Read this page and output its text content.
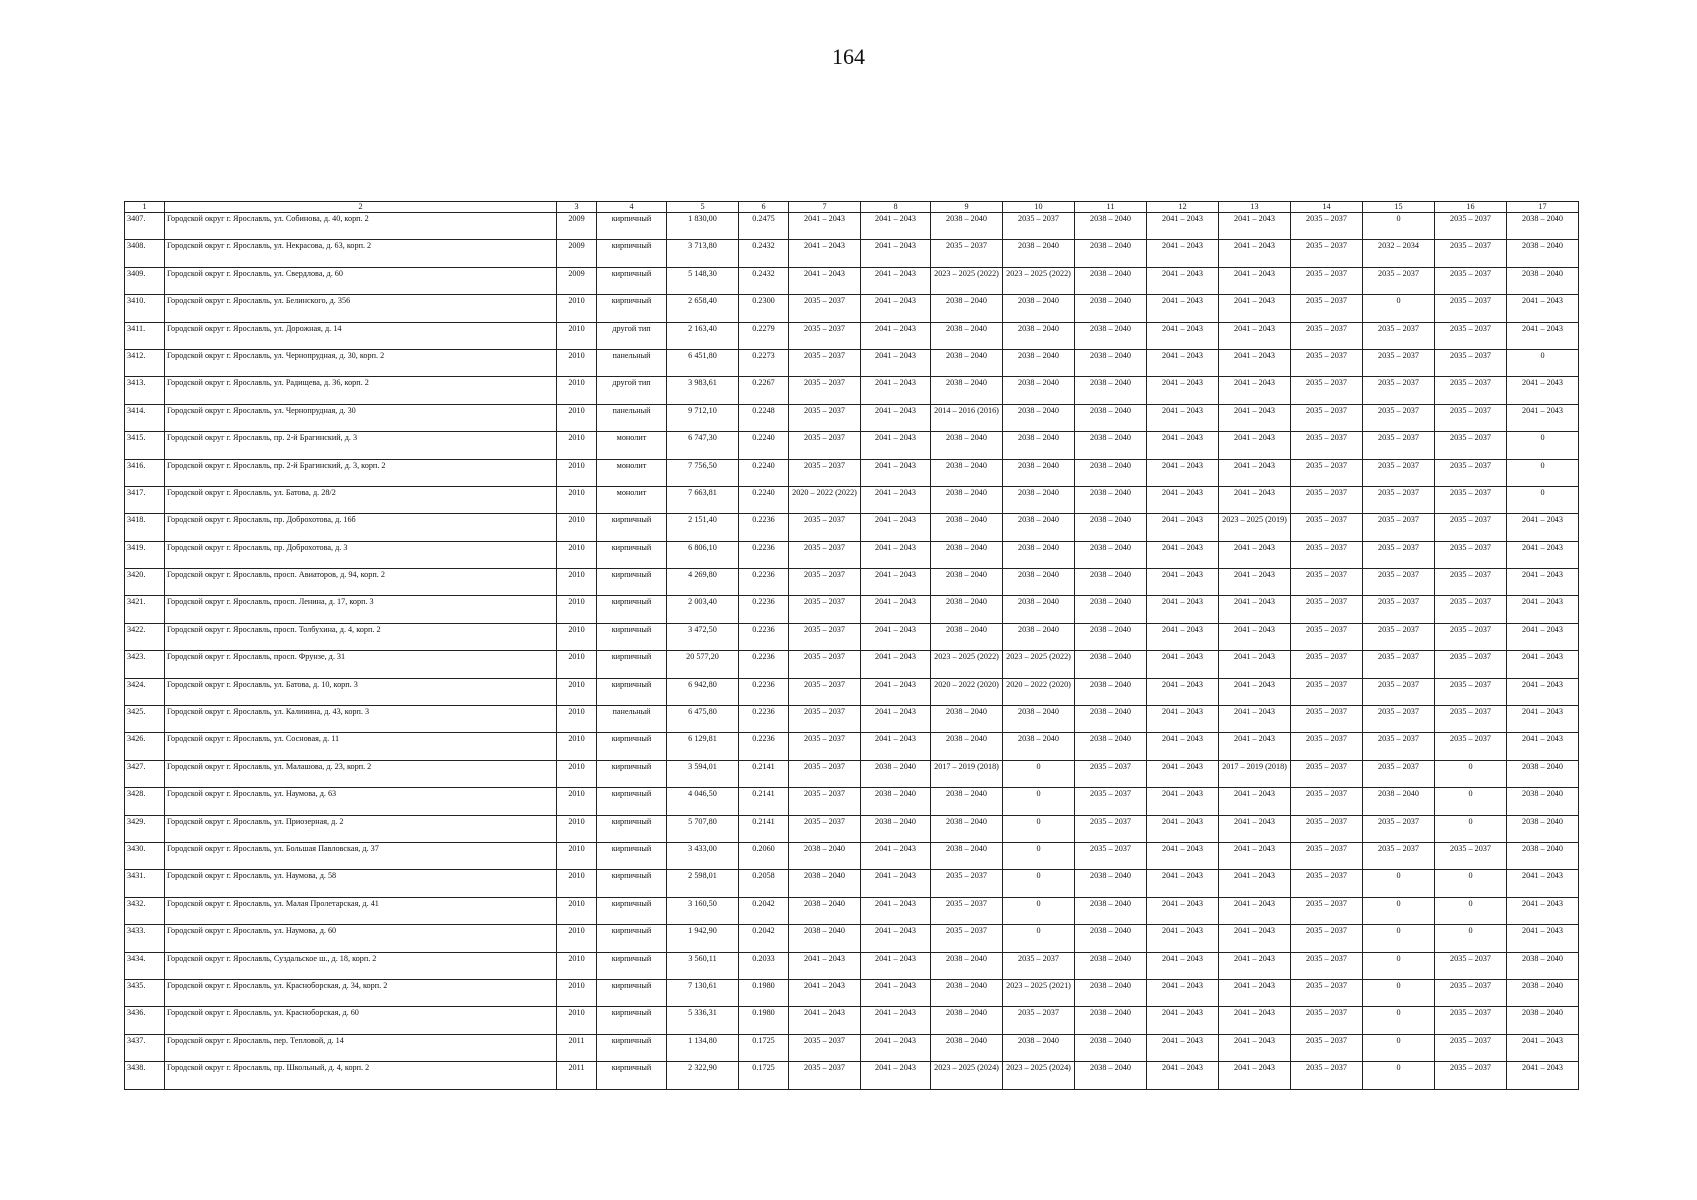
164
1	2	3	4	5	6	7	8	9	10	11	12	13	14	15	16	17
3407.	Городской округ г. Ярославль, ул. Собинова, д. 40, корп. 2	2009	кирпичный	1 830,00	0.2475	2041 – 2043	2041 – 2043	2038 – 2040	2035 – 2037	2038 – 2040	2041 – 2043	2041 – 2043	2035 – 2037	0	2035 – 2037	2038 – 2040
3408.	Городской округ г. Ярославль, ул. Некрасова, д. 63, корп. 2	2009	кирпичный	3 713,80	0.2432	2041 – 2043	2041 – 2043	2035 – 2037	2038 – 2040	2038 – 2040	2041 – 2043	2041 – 2043	2035 – 2037	2032 – 2034	2035 – 2037	2038 – 2040
3409.	Городской округ г. Ярославль, ул. Свердлова, д. 60	2009	кирпичный	5 148,30	0.2432	2041 – 2043	2041 – 2043	2023 – 2025 (2022)	2023 – 2025 (2022)	2038 – 2040	2041 – 2043	2041 – 2043	2035 – 2037	2035 – 2037	2035 – 2037	2038 – 2040
3410.	Городской округ г. Ярославль, ул. Белинского, д. 356	2010	кирпичный	2 658,40	0.2300	2035 – 2037	2041 – 2043	2038 – 2040	2038 – 2040	2038 – 2040	2041 – 2043	2041 – 2043	2035 – 2037	0	2035 – 2037	2041 – 2043
3411.	Городской округ г. Ярославль, ул. Дорожная, д. 14	2010	другой тип	2 163,40	0.2279	2035 – 2037	2041 – 2043	2038 – 2040	2038 – 2040	2038 – 2040	2041 – 2043	2041 – 2043	2035 – 2037	2035 – 2037	2035 – 2037	2041 – 2043
3412.	Городской округ г. Ярославль, ул. Чернопрудная, д. 30, корп. 2	2010	панельный	6 451,80	0.2273	2035 – 2037	2041 – 2043	2038 – 2040	2038 – 2040	2038 – 2040	2041 – 2043	2041 – 2043	2035 – 2037	2035 – 2037	2035 – 2037	0
3413.	Городской округ г. Ярославль, ул. Радищева, д. 36, корп. 2	2010	другой тип	3 983,61	0.2267	2035 – 2037	2041 – 2043	2038 – 2040	2038 – 2040	2038 – 2040	2041 – 2043	2041 – 2043	2035 – 2037	2035 – 2037	2035 – 2037	2041 – 2043
3414.	Городской округ г. Ярославль, ул. Чернопрудная, д. 30	2010	панельный	9 712,10	0.2248	2035 – 2037	2041 – 2043	2014 – 2016 (2016)	2038 – 2040	2038 – 2040	2041 – 2043	2041 – 2043	2035 – 2037	2035 – 2037	2035 – 2037	2041 – 2043
3415.	Городской округ г. Ярославль, пр. 2-й Брагинский, д. 3	2010	монолит	6 747,30	0.2240	2035 – 2037	2041 – 2043	2038 – 2040	2038 – 2040	2038 – 2040	2041 – 2043	2041 – 2043	2035 – 2037	2035 – 2037	2035 – 2037	0
3416.	Городской округ г. Ярославль, пр. 2-й Брагинский, д. 3, корп. 2	2010	монолит	7 756,50	0.2240	2035 – 2037	2041 – 2043	2038 – 2040	2038 – 2040	2038 – 2040	2041 – 2043	2041 – 2043	2035 – 2037	2035 – 2037	2035 – 2037	0
3417.	Городской округ г. Ярославль, ул. Батова, д. 28/2	2010	монолит	7 663,81	0.2240	2020 – 2022 (2022)	2041 – 2043	2038 – 2040	2038 – 2040	2038 – 2040	2041 – 2043	2041 – 2043	2035 – 2037	2035 – 2037	2035 – 2037	0
3418.	Городской округ г. Ярославль, пр. Доброхотова, д. 16б	2010	кирпичный	2 151,40	0.2236	2035 – 2037	2041 – 2043	2038 – 2040	2038 – 2040	2038 – 2040	2041 – 2043	2023 – 2025 (2019)	2035 – 2037	2035 – 2037	2035 – 2037	2041 – 2043
3419.	Городской округ г. Ярославль, пр. Доброхотова, д. 3	2010	кирпичный	6 806,10	0.2236	2035 – 2037	2041 – 2043	2038 – 2040	2038 – 2040	2038 – 2040	2041 – 2043	2041 – 2043	2035 – 2037	2035 – 2037	2035 – 2037	2041 – 2043
3420.	Городской округ г. Ярославль, просп. Авиаторов, д. 94, корп. 2	2010	кирпичный	4 269,80	0.2236	2035 – 2037	2041 – 2043	2038 – 2040	2038 – 2040	2038 – 2040	2041 – 2043	2041 – 2043	2035 – 2037	2035 – 2037	2035 – 2037	2041 – 2043
3421.	Городской округ г. Ярославль, просп. Ленина, д. 17, корп. 3	2010	кирпичный	2 003,40	0.2236	2035 – 2037	2041 – 2043	2038 – 2040	2038 – 2040	2038 – 2040	2041 – 2043	2041 – 2043	2035 – 2037	2035 – 2037	2035 – 2037	2041 – 2043
3422.	Городской округ г. Ярославль, просп. Толбухина, д. 4, корп. 2	2010	кирпичный	3 472,50	0.2236	2035 – 2037	2041 – 2043	2038 – 2040	2038 – 2040	2038 – 2040	2041 – 2043	2041 – 2043	2035 – 2037	2035 – 2037	2035 – 2037	2041 – 2043
3423.	Городской округ г. Ярославль, просп. Фрунзе, д. 31	2010	кирпичный	20 577,20	0.2236	2035 – 2037	2041 – 2043	2023 – 2025 (2022)	2023 – 2025 (2022)	2038 – 2040	2041 – 2043	2041 – 2043	2035 – 2037	2035 – 2037	2035 – 2037	2041 – 2043
3424.	Городской округ г. Ярославль, ул. Батова, д. 10, корп. 3	2010	кирпичный	6 942,80	0.2236	2035 – 2037	2041 – 2043	2020 – 2022 (2020)	2020 – 2022 (2020)	2038 – 2040	2041 – 2043	2041 – 2043	2035 – 2037	2035 – 2037	2035 – 2037	2041 – 2043
3425.	Городской округ г. Ярославль, ул. Калинина, д. 43, корп. 3	2010	панельный	6 475,80	0.2236	2035 – 2037	2041 – 2043	2038 – 2040	2038 – 2040	2038 – 2040	2041 – 2043	2041 – 2043	2035 – 2037	2035 – 2037	2035 – 2037	2041 – 2043
3426.	Городской округ г. Ярославль, ул. Сосновая, д. 11	2010	кирпичный	6 129,81	0.2236	2035 – 2037	2041 – 2043	2038 – 2040	2038 – 2040	2038 – 2040	2041 – 2043	2041 – 2043	2035 – 2037	2035 – 2037	2035 – 2037	2041 – 2043
3427.	Городской округ г. Ярославль, ул. Малашова, д. 23, корп. 2	2010	кирпичный	3 594,01	0.2141	2035 – 2037	2038 – 2040	2017 – 2019 (2018)	0	2035 – 2037	2041 – 2043	2017 – 2019 (2018)	2035 – 2037	2035 – 2037	0	2038 – 2040
3428.	Городской округ г. Ярославль, ул. Наумова, д. 63	2010	кирпичный	4 046,50	0.2141	2035 – 2037	2038 – 2040	2038 – 2040	0	2035 – 2037	2041 – 2043	2041 – 2043	2035 – 2037	2038 – 2040	0	2038 – 2040
3429.	Городской округ г. Ярославль, ул. Приозерная, д. 2	2010	кирпичный	5 707,80	0.2141	2035 – 2037	2038 – 2040	2038 – 2040	0	2035 – 2037	2041 – 2043	2041 – 2043	2035 – 2037	2035 – 2037	0	2038 – 2040
3430.	Городской округ г. Ярославль, ул. Большая Павловская, д. 37	2010	кирпичный	3 433,00	0.2060	2038 – 2040	2041 – 2043	2038 – 2040	0	2035 – 2037	2041 – 2043	2041 – 2043	2035 – 2037	2035 – 2037	2035 – 2037	2038 – 2040
3431.	Городской округ г. Ярославль, ул. Наумова, д. 58	2010	кирпичный	2 598,01	0.2058	2038 – 2040	2041 – 2043	2035 – 2037	0	2038 – 2040	2041 – 2043	2041 – 2043	2035 – 2037	0	0	2041 – 2043
3432.	Городской округ г. Ярославль, ул. Малая Пролетарская, д. 41	2010	кирпичный	3 160,50	0.2042	2038 – 2040	2041 – 2043	2035 – 2037	0	2038 – 2040	2041 – 2043	2041 – 2043	2035 – 2037	0	0	2041 – 2043
3433.	Городской округ г. Ярославль, ул. Наумова, д. 60	2010	кирпичный	1 942,90	0.2042	2038 – 2040	2041 – 2043	2035 – 2037	0	2038 – 2040	2041 – 2043	2041 – 2043	2035 – 2037	0	0	2041 – 2043
3434.	Городской округ г. Ярославль, Суздальское ш., д. 18, корп. 2	2010	кирпичный	3 560,11	0.2033	2041 – 2043	2041 – 2043	2038 – 2040	2035 – 2037	2038 – 2040	2041 – 2043	2041 – 2043	2035 – 2037	0	2035 – 2037	2038 – 2040
3435.	Городской округ г. Ярославль, ул. Красноборская, д. 34, корп. 2	2010	кирпичный	7 130,61	0.1980	2041 – 2043	2041 – 2043	2038 – 2040	2023 – 2025 (2021)	2038 – 2040	2041 – 2043	2041 – 2043	2035 – 2037	0	2035 – 2037	2038 – 2040
3436.	Городской округ г. Ярославль, ул. Красноборская, д. 60	2010	кирпичный	5 336,31	0.1980	2041 – 2043	2041 – 2043	2038 – 2040	2035 – 2037	2038 – 2040	2041 – 2043	2041 – 2043	2035 – 2037	0	2035 – 2037	2038 – 2040
3437.	Городской округ г. Ярославль, пер. Тепловой, д. 14	2011	кирпичный	1 134,80	0.1725	2035 – 2037	2041 – 2043	2038 – 2040	2038 – 2040	2038 – 2040	2041 – 2043	2041 – 2043	2035 – 2037	0	2035 – 2037	2041 – 2043
3438.	Городской округ г. Ярославль, пр. Школьный, д. 4, корп. 2	2011	кирпичный	2 322,90	0.1725	2035 – 2037	2041 – 2043	2023 – 2025 (2024)	2023 – 2025 (2024)	2038 – 2040	2041 – 2043	2041 – 2043	2035 – 2037	0	2035 – 2037	2041 – 2043
